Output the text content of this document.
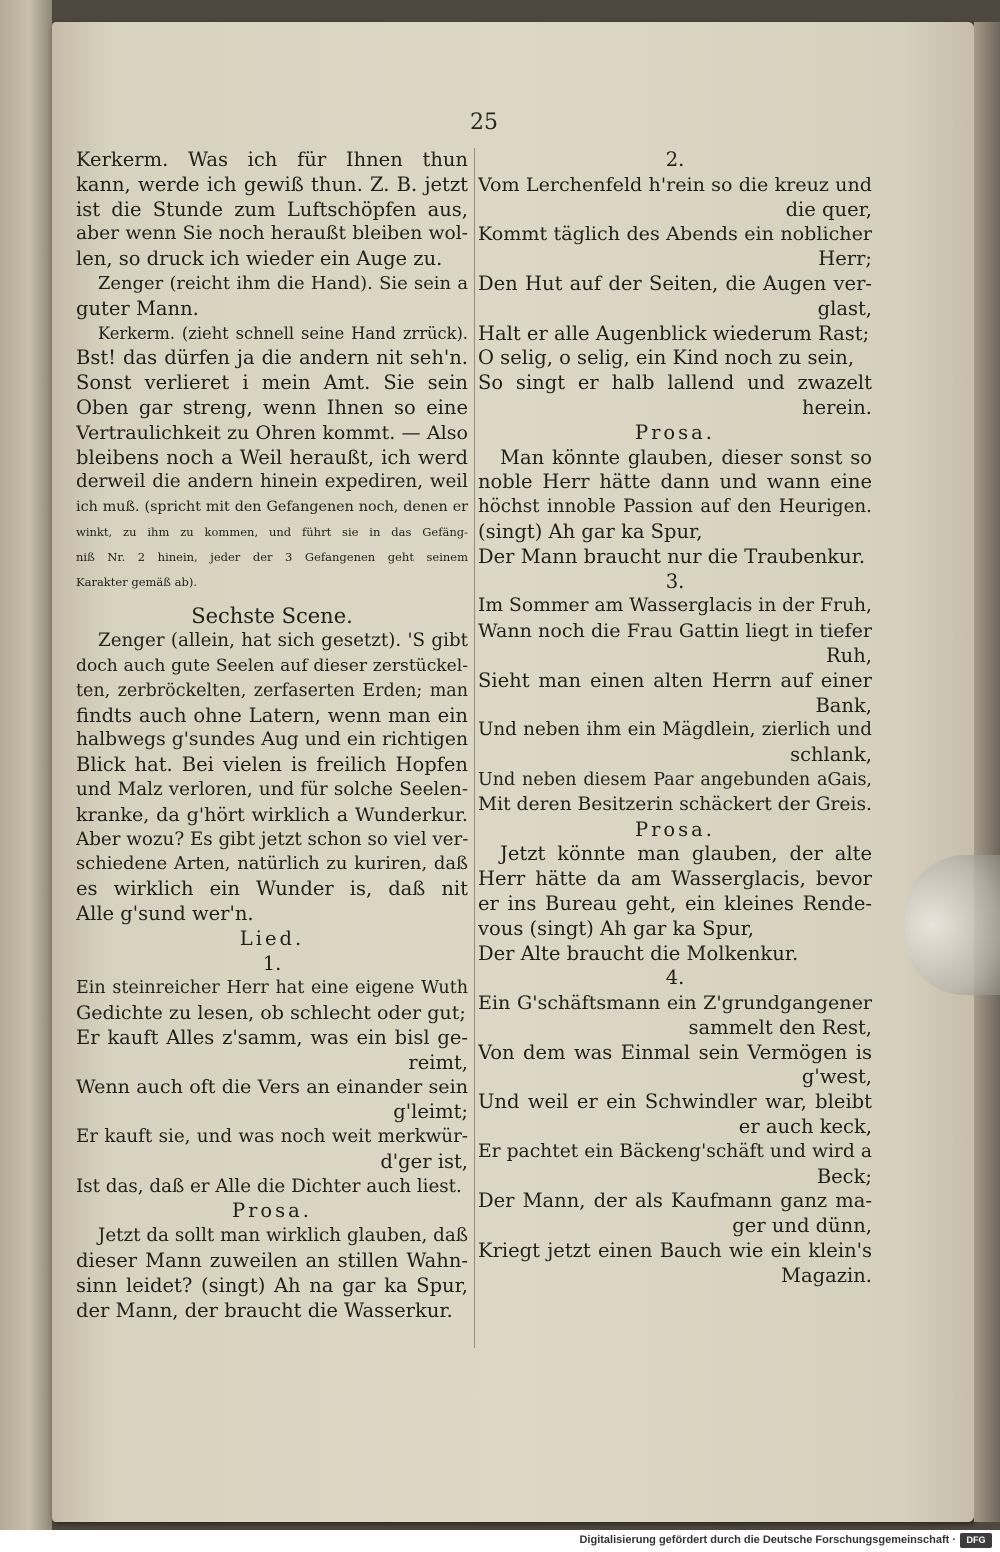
25
Kerkerm. Was ich für Ihnen thun
kann, werde ich gewiß thun. Z. B. jetzt
ist die Stunde zum Luftschöpfen aus,
aber wenn Sie noch heraußt bleiben wol-
len, so druck ich wieder ein Auge zu.
Zenger (reicht ihm die Hand). Sie sein a
guter Mann.
Kerkerm. (zieht schnell seine Hand zrrück).
Bst! das dürfen ja die andern nit seh'n.
Sonst verlieret i mein Amt. Sie sein
Oben gar streng, wenn Ihnen so eine
Vertraulichkeit zu Ohren kommt. — Also
bleibens noch a Weil heraußt, ich werd
derweil die andern hinein expediren, weil
ich muß. (spricht mit den Gefangenen noch, denen er
winkt, zu ihm zu kommen, und führt sie in das Gefäng-
niß Nr. 2 hinein, jeder der 3 Gefangenen geht seinem
Karakter gemäß ab).
Sechste Scene.
Zenger (allein, hat sich gesetzt). 'S gibt
doch auch gute Seelen auf dieser zerstückel-
ten, zerbröckelten, zerfaserten Erden; man
findts auch ohne Latern, wenn man ein
halbwegs g'sundes Aug und ein richtigen
Blick hat. Bei vielen is freilich Hopfen
und Malz verloren, und für solche Seelen-
kranke, da g'hört wirklich a Wunderkur.
Aber wozu? Es gibt jetzt schon so viel ver-
schiedene Arten, natürlich zu kuriren, daß
es wirklich ein Wunder is, daß nit
Alle g'sund wer'n.
Lied.
1.
Ein steinreicher Herr hat eine eigene Wuth
Gedichte zu lesen, ob schlecht oder gut;
Er kauft Alles z'samm, was ein bisl ge-
reimt,
Wenn auch oft die Vers an einander sein
g'leimt;
Er kauft sie, und was noch weit merkwür-
d'ger ist,
Ist das, daß er Alle die Dichter auch liest.
Prosa.
Jetzt da sollt man wirklich glauben, daß
dieser Mann zuweilen an stillen Wahn-
sinn leidet? (singt) Ah na gar ka Spur,
der Mann, der braucht die Wasserkur.
2.
Vom Lerchenfeld h'rein so die kreuz und
die quer,
Kommt täglich des Abends ein noblicher
Herr;
Den Hut auf der Seiten, die Augen ver-
glast,
Halt er alle Augenblick wiederum Rast;
O selig, o selig, ein Kind noch zu sein,
So singt er halb lallend und zwazelt
herein.
Prosa.
Man könnte glauben, dieser sonst so
noble Herr hätte dann und wann eine
höchst innoble Passion auf den Heurigen.
(singt) Ah gar ka Spur,
Der Mann braucht nur die Traubenkur.
3.
Im Sommer am Wasserglacis in der Fruh,
Wann noch die Frau Gattin liegt in tiefer
Ruh,
Sieht man einen alten Herrn auf einer
Bank,
Und neben ihm ein Mägdlein, zierlich und
schlank,
Und neben diesem Paar angebunden aGais,
Mit deren Besitzerin schäckert der Greis.
Prosa.
Jetzt könnte man glauben, der alte
Herr hätte da am Wasserglacis, bevor
er ins Bureau geht, ein kleines Rende-
vous (singt) Ah gar ka Spur,
Der Alte braucht die Molkenkur.
4.
Ein G'schäftsmann ein Z'grundgangener
sammelt den Rest,
Von dem was Einmal sein Vermögen is
g'west,
Und weil er ein Schwindler war, bleibt
er auch keck,
Er pachtet ein Bäckeng'schäft und wird a
Beck;
Der Mann, der als Kaufmann ganz ma-
ger und dünn,
Kriegt jetzt einen Bauch wie ein klein's
Magazin.
Digitalisierung gefördert durch die Deutsche Forschungsgemeinschaft ·	DFG
